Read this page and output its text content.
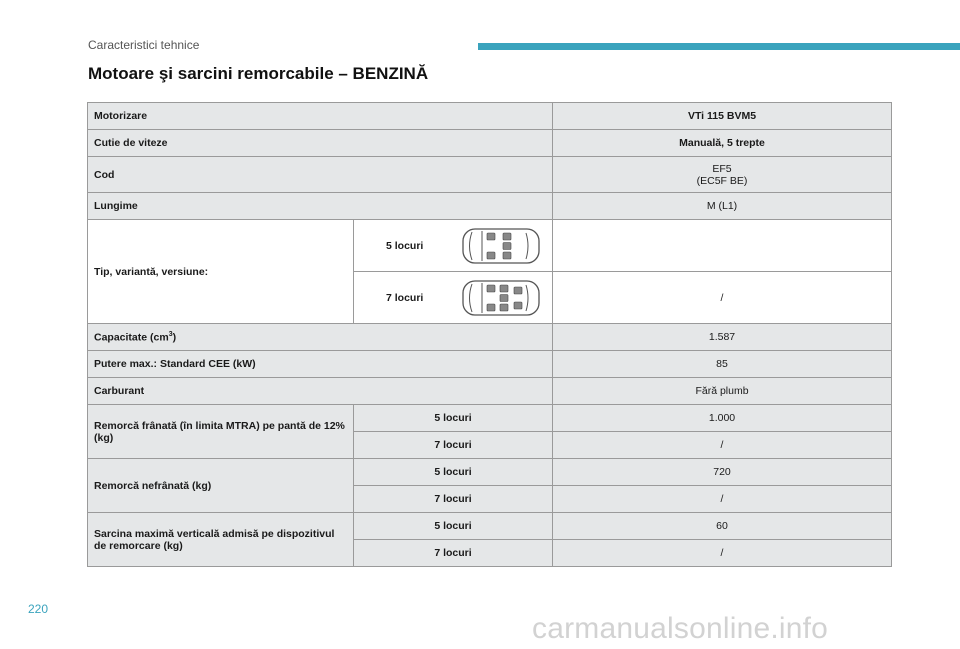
Caracteristici tehnice
Motoare şi sarcini remorcabile – BENZINĂ
Motorizare		VTi 115 BVM5
Cutie de viteze		Manuală, 5 trepte
Cod		EF5
(EC5F BE)

Lungime		M (L1)
Tip, variantă, versiune:	5 locuri	

	7 locuri	/
Capacitate $(cm^3)$		1.587
Putere max.: Standard CEE (kW)		85
Carburant		Fără plumb
Remorcă frânată (în limita MTRA) pe pantă de 12% (kg)	5 locuri	1.000
	7 locuri	/
Remorcă nefrânată (kg)	5 locuri	720
	7 locuri	/
Sarcina maximă verticală admisă pe dispozitivul de remorcare (kg)	5 locuri	60
	7 locuri	/
220
carmanualsonline.info
